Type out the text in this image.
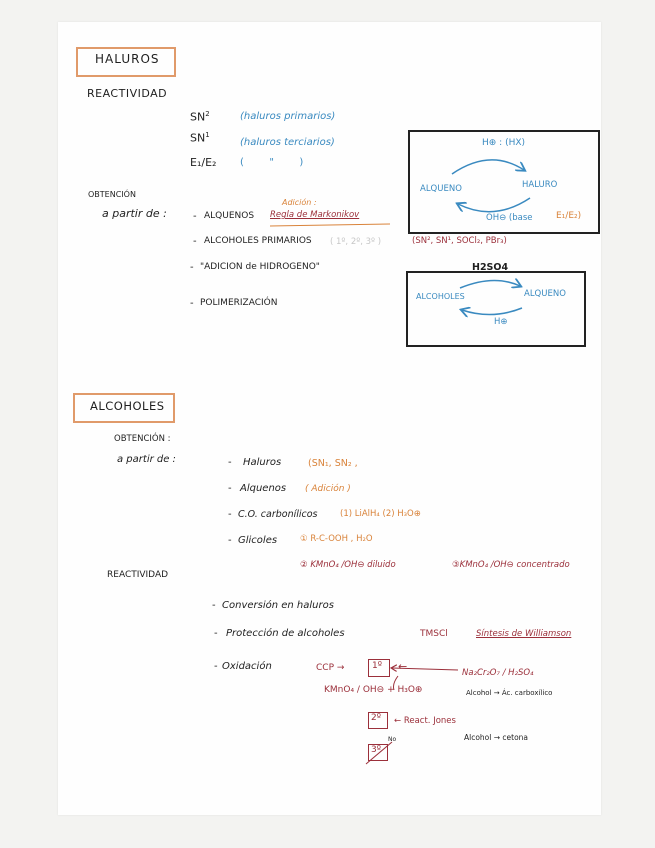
HALUROS
REACTIVIDAD
$SN^2$	(haluros primarios)
$SN^1$
(haluros terciarios)
E₁/E₂ (        "        )
OBTENCIÓN
a partir de :	- ALQUENOS
Adición :
Regla de Markonikov
- ALCOHOLES PRIMARIOS ( 1º, 2º, 3º )	(SN², SN¹, SOCl₂, PBr₃)
- "ADICION de HIDROGENO"
- POLIMERIZACIÓN
H⊕ : (HX)
ALQUENO	HALURO
OH⊖ (base	E₁/E₂)
H2SO4
ALCOHOLES	ALQUENO
H⊕
ALCOHOLES
OBTENCIÓN :
a partir de :	- Haluros	(SN₁, SN₂ ,
- Alquenos ( Adición )
- C.O. carbonílicos	(1) LiAlH₄ (2) H₃O⊕
- Glicoles	① R-C-OOH , H₂O
② KMnO₄ /OH⊖ diluido	③KMnO₄ /OH⊖ concentrado
REACTIVIDAD
- Conversión en haluros
- Protección de alcoholes	TMSCl	Síntesis de Williamson
- Oxidación	CCP →	1º ←	Na₂Cr₂O₇ / H₂SO₄
KMnO₄ / OH⊖ + H₃O⊕	Alcohol → Ác. carboxílico
2º ← React. Jones
Alcohol → cetona
3º
No
